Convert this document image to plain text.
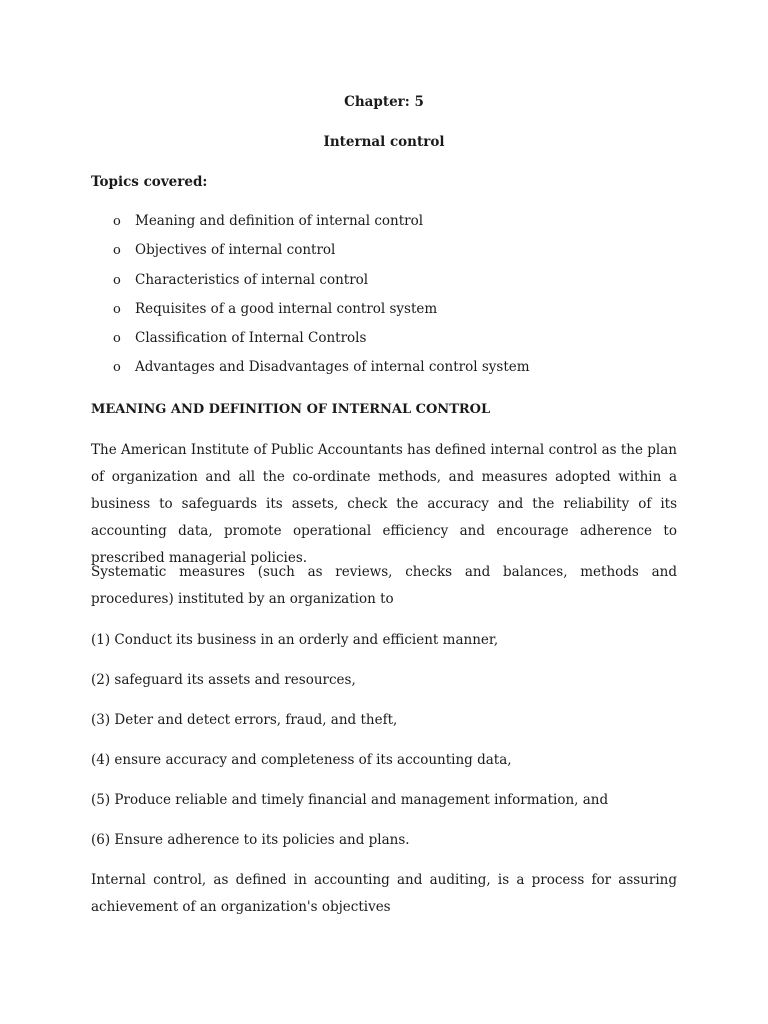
Chapter: 5
Internal control
Topics covered:
o	Meaning and definition of internal control
o	Objectives of internal control
o	Characteristics of internal control
o	Requisites of a good internal control system
o	Classification of Internal Controls
o	Advantages and Disadvantages of internal control system
MEANING AND DEFINITION OF INTERNAL CONTROL

The American Institute of Public Accountants has defined internal control as the plan of organization and all the co-ordinate methods, and measures adopted within a business to safeguards its assets, check the accuracy and the reliability of its accounting data, promote operational efficiency and encourage adherence to prescribed managerial policies.

Systematic measures (such as reviews, checks and balances, methods and procedures) instituted by an organization to

(1) Conduct its business in an orderly and efficient manner,

(2) safeguard its assets and resources,

(3) Deter and detect errors, fraud, and theft,

(4) ensure accuracy and completeness of its accounting data,

(5) Produce reliable and timely financial and management information, and

(6) Ensure adherence to its policies and plans.

Internal control, as defined in accounting and auditing, is a process for assuring achievement of an organization's objectives
